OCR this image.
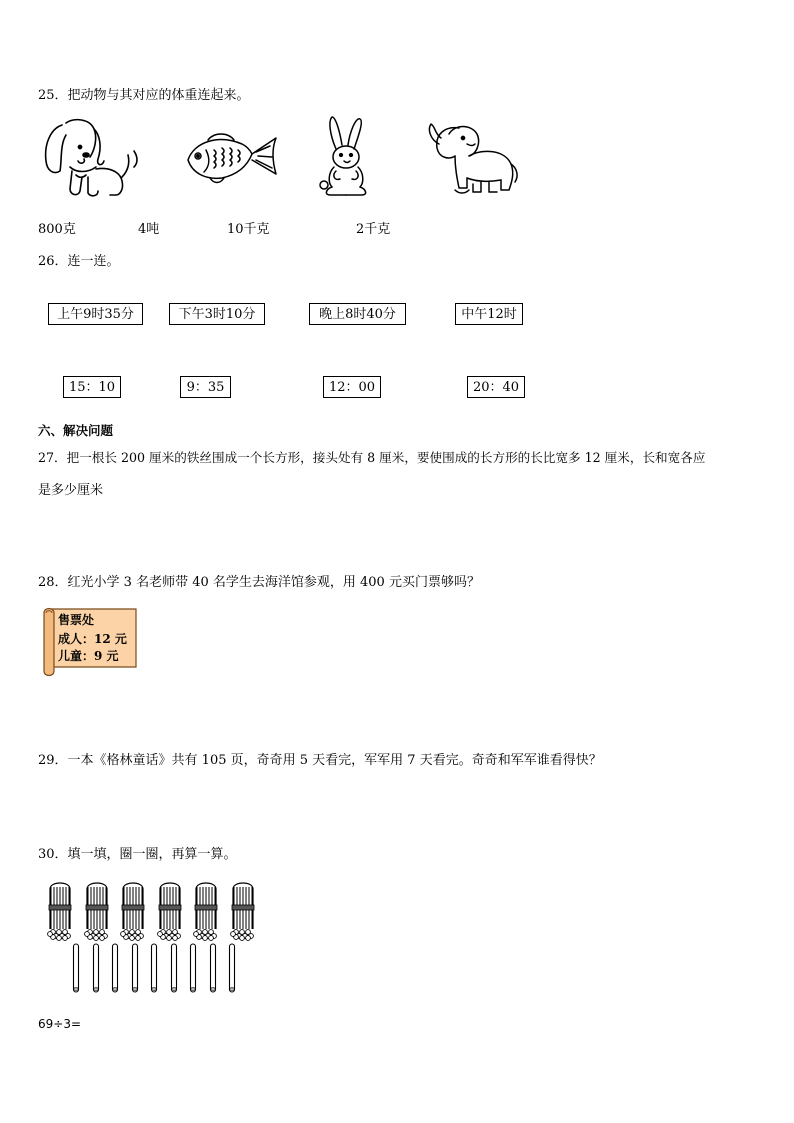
25．把动物与其对应的体重连起来。
800克	4吨	10千克	2千克
26．连一连。
上午9时35分	下午3时10分	晚上8时40分	中午12时
15：10	9：35	12：00	20：40
六、解决问题
27．把一根长 200 厘米的铁丝围成一个长方形，接头处有 8 厘米，要使围成的长方形的长比宽多 12 厘米，长和宽各应
是多少厘米
28．红光小学 3 名老师带 40 名学生去海洋馆参观，用 400 元买门票够吗？
售票处
成人：12 元
儿童：9 元
29．一本《格林童话》共有 105 页，奇奇用 5 天看完，军军用 7 天看完。奇奇和军军谁看得快？
30．填一填，圈一圈，再算一算。
69÷3=
